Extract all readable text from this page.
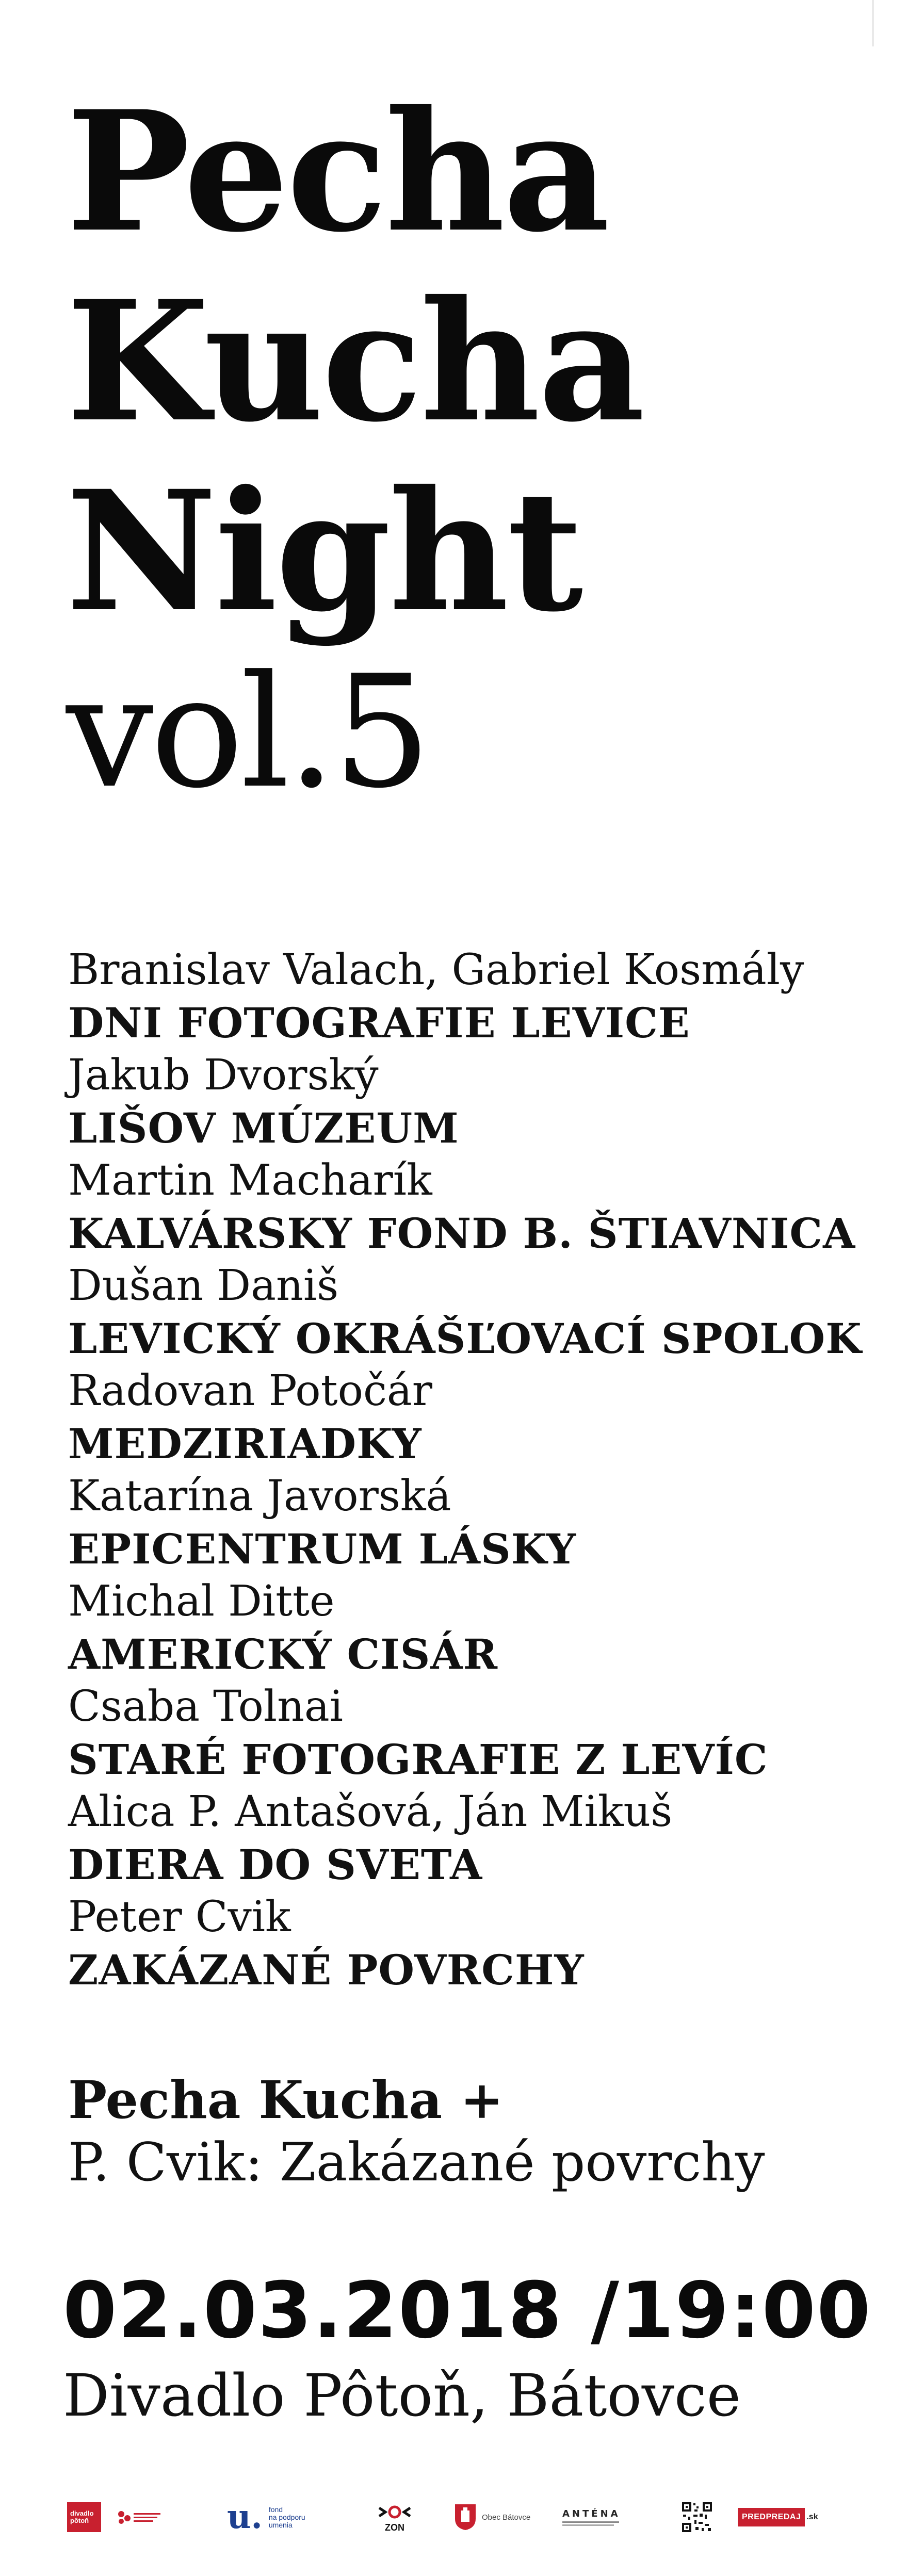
Pecha
Kucha
Night
vol.5
Branislav Valach, Gabriel Kosmály
DNI FOTOGRAFIE LEVICE
Jakub Dvorský
LIŠOV MÚZEUM
Martin Macharík
KALVÁRSKY FOND B. ŠTIAVNICA
Dušan Daniš
LEVICKÝ OKRÁŠĽOVACÍ SPOLOK
Radovan Potočár
MEDZIRIADKY
Katarína Javorská
EPICENTRUM LÁSKY
Michal Ditte
AMERICKÝ CISÁR
Csaba Tolnai
STARÉ FOTOGRAFIE Z LEVÍC
Alica P. Antašová, Ján Mikuš
DIERA DO SVETA
Peter Cvik
ZAKÁZANÉ POVRCHY
Pecha Kucha +
P. Cvik: Zakázané povrchy
02.03.2018 /19:00
Divadlo Pôtoň, Bátovce
divadlo
pôtoň	u. fond
na podporu
umenia	ZON
Obec Bátovce	ANTÉNA	PREDPREDAJ .sk
